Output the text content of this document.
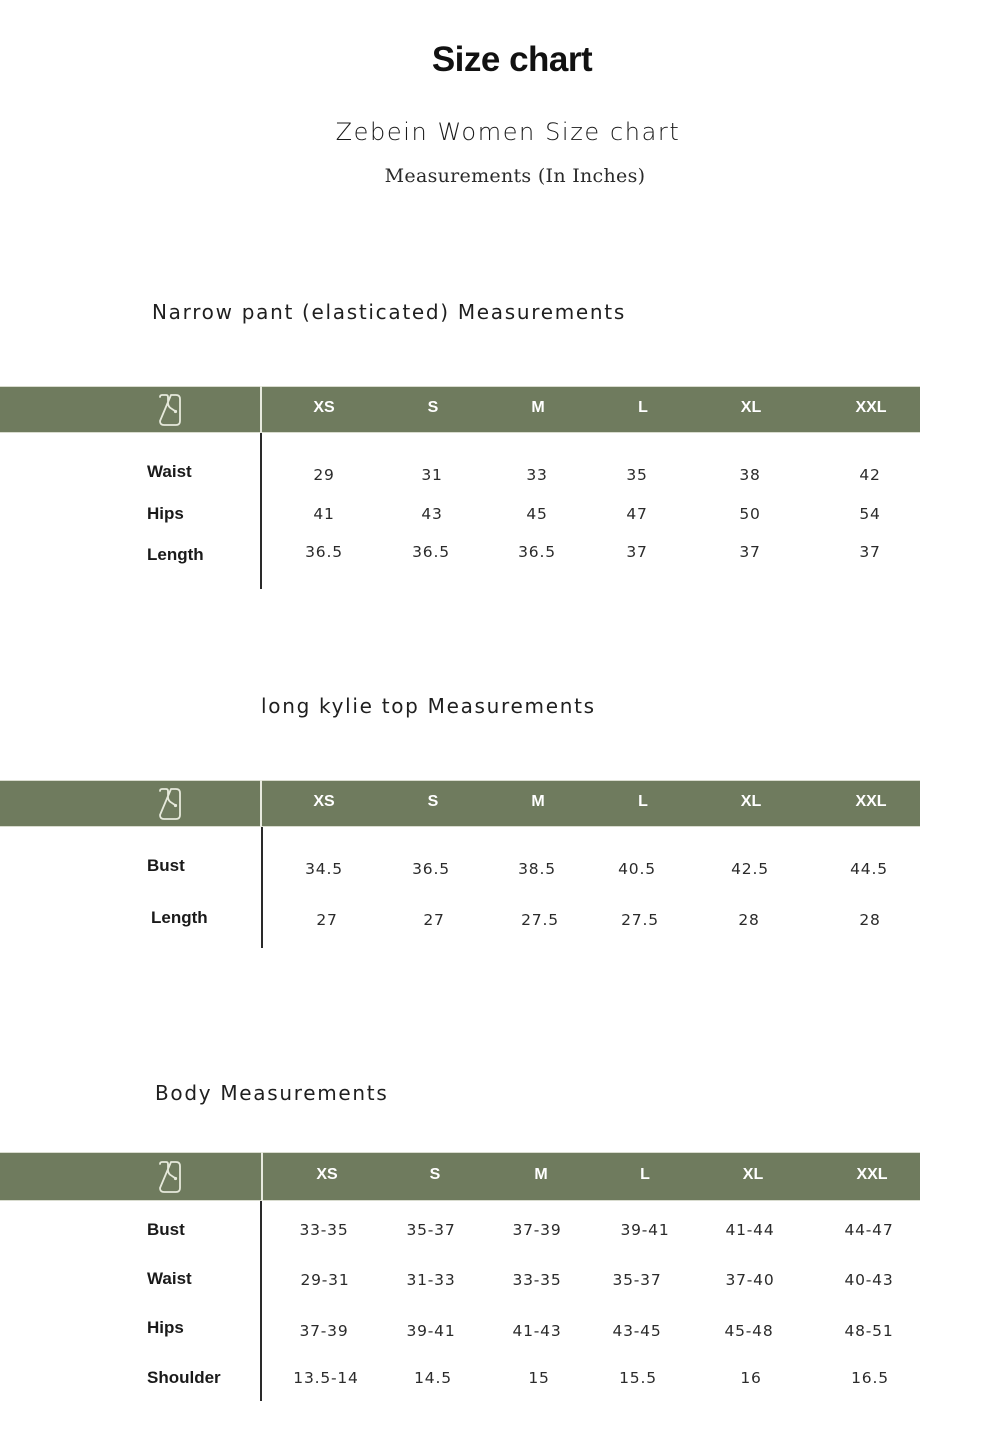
Size chart
Zebein Women Size chart
Measurements (In Inches)
Narrow pant (elasticated) Measurements
XS	S	M	L	XL	XXL
Waist	29	31	33	35	38	42
Hips	41	43	45	47	50	54
Length	36.5	36.5	36.5	37	37	37
long kylie top Measurements
XS	S	M	L	XL	XXL
Bust	34.5	36.5	38.5	40.5	42.5	44.5
Length	27	27	27.5	27.5	28	28
Body Measurements
XS	S	M	L	XL	XXL
Bust	33-35	35-37	37-39	39-41	41-44	44-47
Waist	29-31	31-33	33-35	35-37	37-40	40-43
Hips	37-39	39-41	41-43	43-45	45-48	48-51
Shoulder	13.5-14	14.5	15	15.5	16	16.5
